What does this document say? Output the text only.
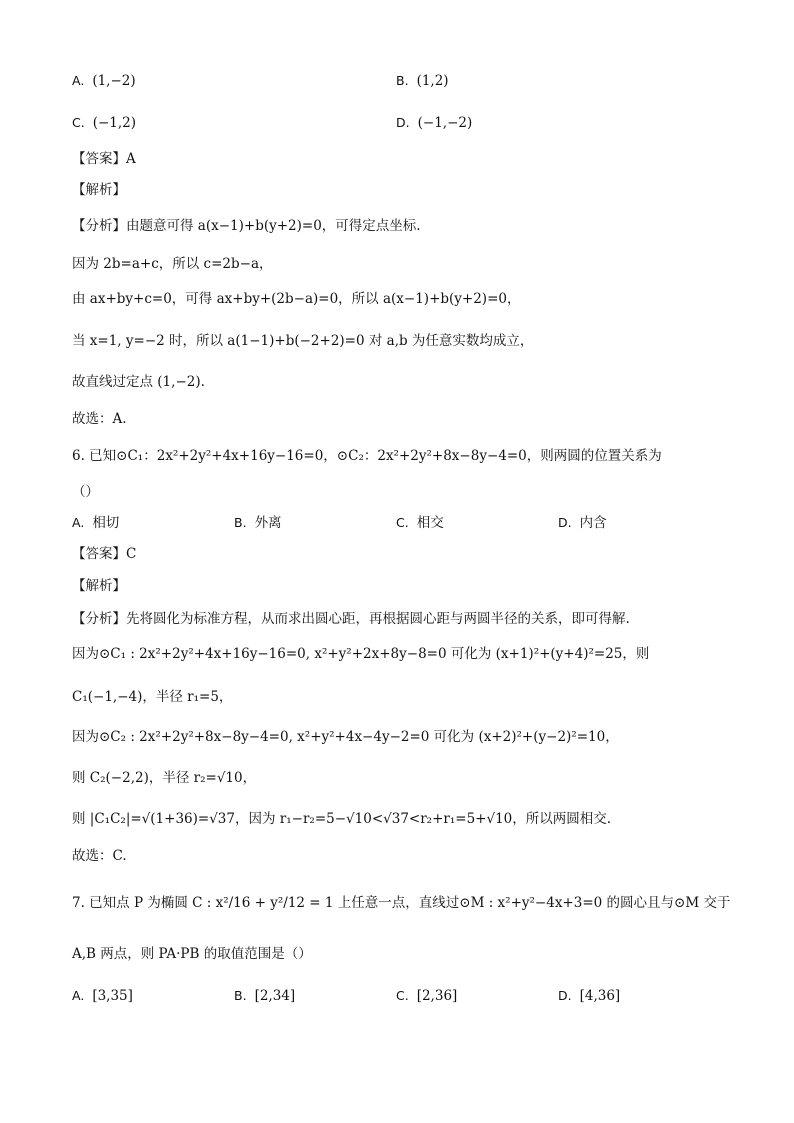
A. (1,−2)	B. (1,2)
C. (−1,2)	D. (−1,−2)
【答案】A
【解析】
【分析】由题意可得 a(x−1)+b(y+2)=0，可得定点坐标.
因为 2b=a+c，所以 c=2b−a，
由 ax+by+c=0，可得 ax+by+(2b−a)=0，所以 a(x−1)+b(y+2)=0，
当 x=1, y=−2 时，所以 a(1−1)+b(−2+2)=0 对 a,b 为任意实数均成立，
故直线过定点 (1,−2).
故选：A.
6. 已知⊙C₁：2x²+2y²+4x+16y−16=0，⊙C₂：2x²+2y²+8x−8y−4=0，则两圆的位置关系为
（）
A. 相切	B. 外离	C. 相交	D. 内含
【答案】C
【解析】
【分析】先将圆化为标准方程，从而求出圆心距，再根据圆心距与两圆半径的关系，即可得解.
因为⊙C₁ : 2x²+2y²+4x+16y−16=0, x²+y²+2x+8y−8=0 可化为 (x+1)²+(y+4)²=25，则
C₁(−1,−4)，半径 r₁=5，
因为⊙C₂ : 2x²+2y²+8x−8y−4=0, x²+y²+4x−4y−2=0 可化为 (x+2)²+(y−2)²=10，
则 C₂(−2,2)，半径 r₂=√10，
则 |C₁C₂|=√(1+36)=√37，因为 r₁−r₂=5−√10<√37<r₂+r₁=5+√10，所以两圆相交.
故选：C.
7. 已知点 P 为椭圆 C : x²/16 + y²/12 = 1 上任意一点，直线过⊙M : x²+y²−4x+3=0 的圆心且与⊙M 交于
A,B 两点，则 PA·PB 的取值范围是（）
A. [3,35]	B. [2,34]	C. [2,36]	D. [4,36]
